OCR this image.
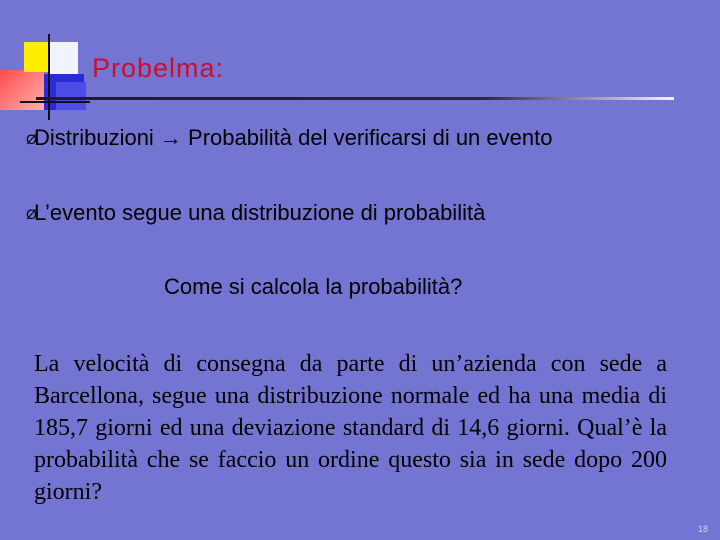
Probelma:
Ø
Distribuzioni → Probabilità del verificarsi di un evento
Ø
L’evento segue una distribuzione di probabilità
Come si calcola la probabilità?
La velocità di consegna da parte di un’azienda con sede a Barcellona, segue una distribuzione normale ed ha una media di 185,7 giorni ed una deviazione standard di 14,6 giorni. Qual’è la probabilità che se faccio un ordine questo sia in sede dopo 200 giorni?
18
